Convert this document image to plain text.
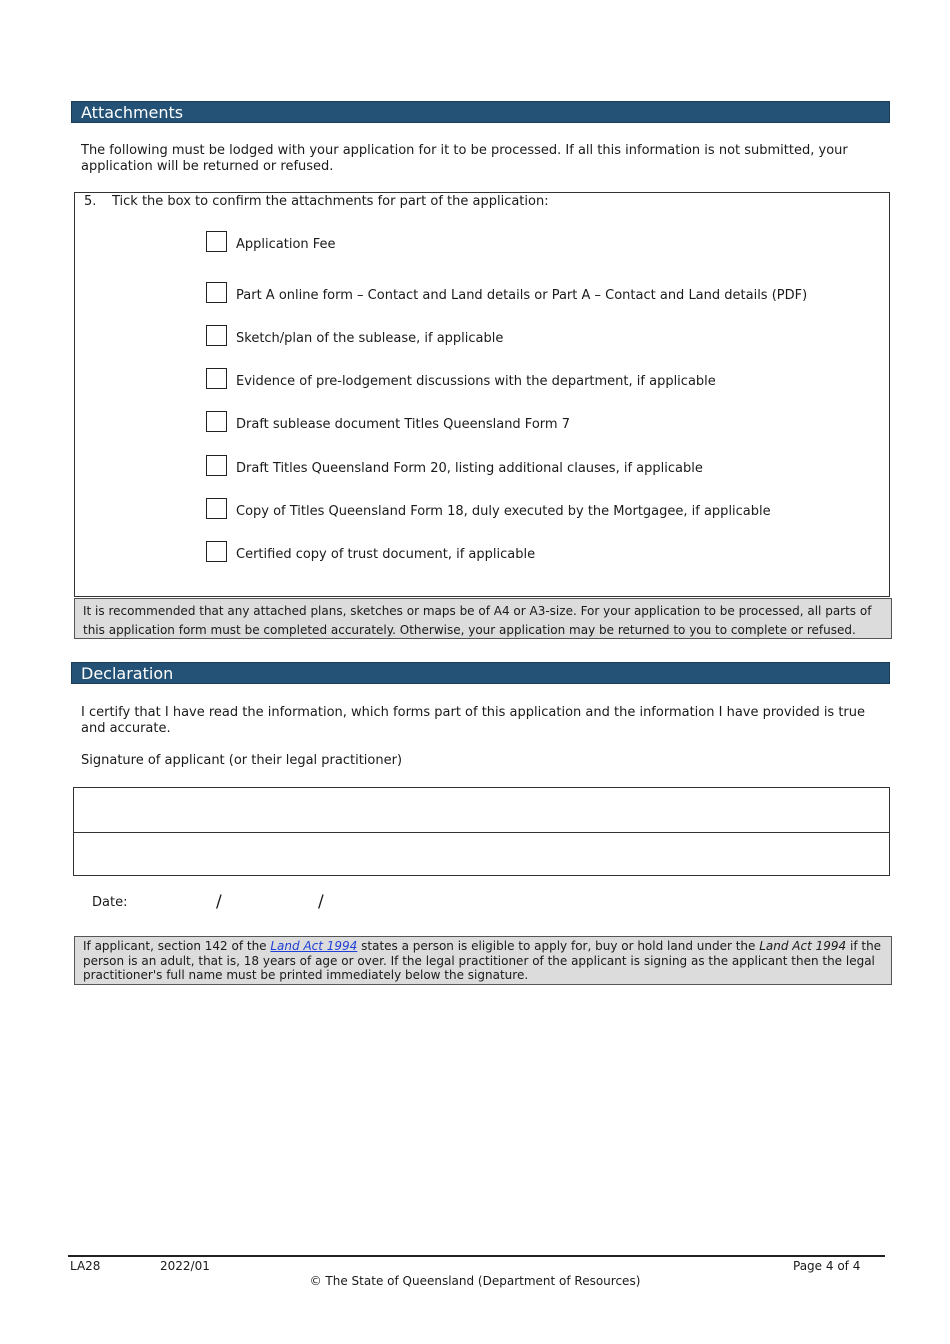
Attachments
The following must be lodged with your application for it to be processed. If all this information is not submitted, your application will be returned or refused.
5. Tick the box to confirm the attachments for part of the application:
Application Fee
Part A online form – Contact and Land details or Part A – Contact and Land details (PDF)
Sketch/plan of the sublease, if applicable
Evidence of pre-lodgement discussions with the department, if applicable
Draft sublease document Titles Queensland Form 7
Draft Titles Queensland Form 20, listing additional clauses, if applicable
Copy of Titles Queensland Form 18, duly executed by the Mortgagee, if applicable
Certified copy of trust document, if applicable
It is recommended that any attached plans, sketches or maps be of A4 or A3-size. For your application to be processed, all parts of this application form must be completed accurately. Otherwise, your application may be returned to you to complete or refused.
Declaration
I certify that I have read the information, which forms part of this application and the information I have provided is true and accurate.
Signature of applicant (or their legal practitioner)
Date:	/	/
If applicant, section 142 of the Land Act 1994 states a person is eligible to apply for, buy or hold land under the Land Act 1994 if the person is an adult, that is, 18 years of age or over. If the legal practitioner of the applicant is signing as the applicant then the legal practitioner's full name must be printed immediately below the signature.
LA28	2022/01	Page 4 of 4
© The State of Queensland (Department of Resources)
